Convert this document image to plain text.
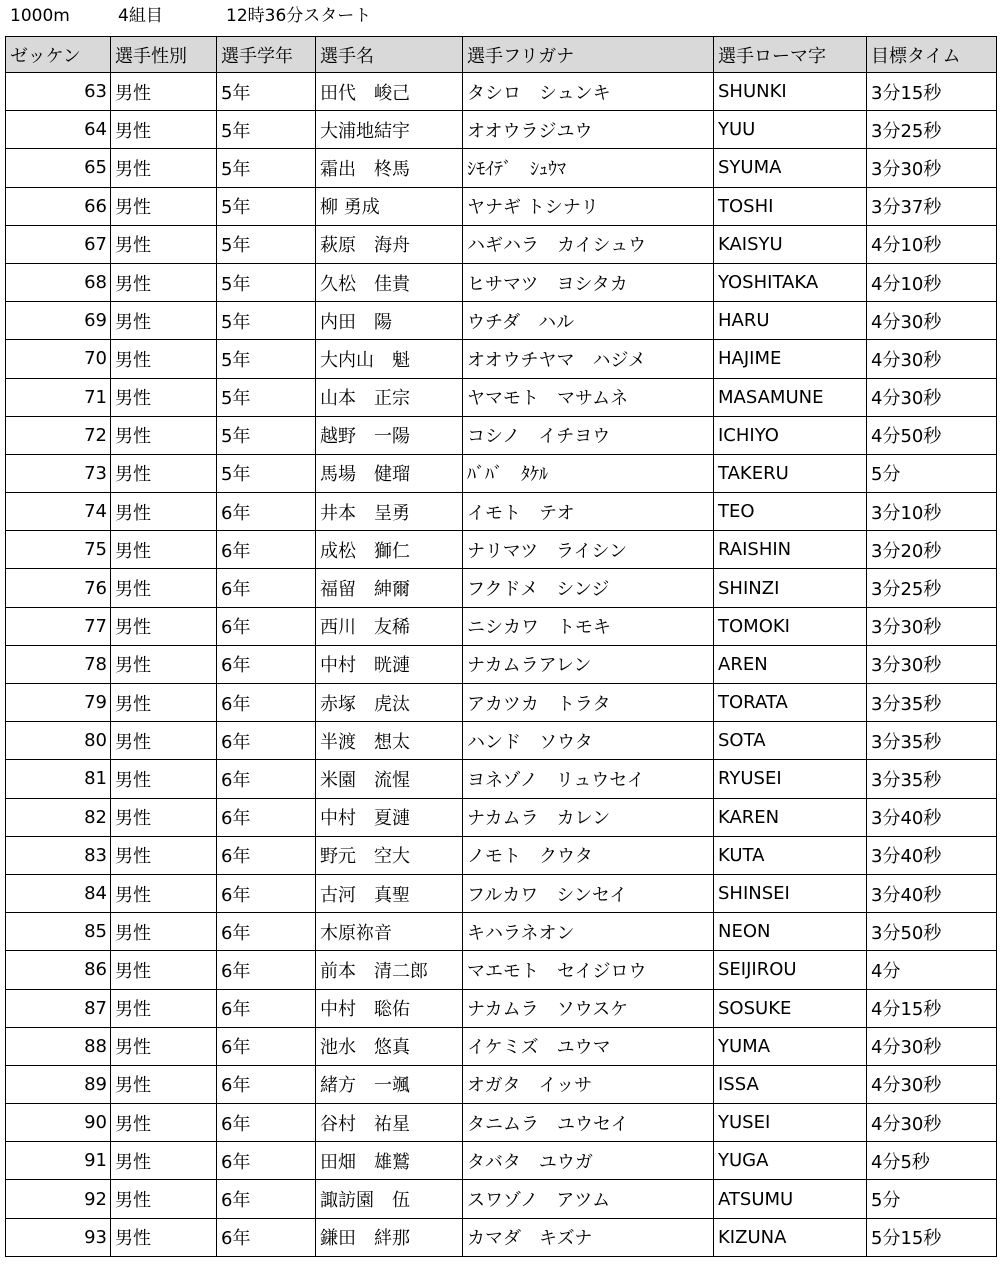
1000m	4組目	12時36分スタート
ゼッケン	選手性別	選手学年	選手名	選手フリガナ	選手ローマ字	目標タイム
63	男性	5年	田代　峻己	タシロ　シュンキ	SHUNKI	3分15秒
64	男性	5年	大浦地結宇	オオウラジユウ	YUU	3分25秒
65	男性	5年	霜出　柊馬	ｼﾓｲﾃﾞ　ｼｭｳﾏ	SYUMA	3分30秒
66	男性	5年	柳 勇成	ヤナギ トシナリ	TOSHI	3分37秒
67	男性	5年	萩原　海舟	ハギハラ　カイシュウ	KAISYU	4分10秒
68	男性	5年	久松　佳貴	ヒサマツ　ヨシタカ	YOSHITAKA	4分10秒
69	男性	5年	内田　陽	ウチダ　ハル	HARU	4分30秒
70	男性	5年	大内山　魁	オオウチヤマ　ハジメ	HAJIME	4分30秒
71	男性	5年	山本　正宗	ヤマモト　マサムネ	MASAMUNE	4分30秒
72	男性	5年	越野　一陽	コシノ　イチヨウ	ICHIYO	4分50秒
73	男性	5年	馬場　健瑠	ﾊﾞﾊﾞ　ﾀｹﾙ	TAKERU	5分
74	男性	6年	井本　呈勇	イモト　テオ	TEO	3分10秒
75	男性	6年	成松　獅仁	ナリマツ　ライシン	RAISHIN	3分20秒
76	男性	6年	福留　紳爾	フクドメ　シンジ	SHINZI	3分25秒
77	男性	6年	西川　友稀	ニシカワ　トモキ	TOMOKI	3分30秒
78	男性	6年	中村　晄漣	ナカムラアレン	AREN	3分30秒
79	男性	6年	赤塚　虎汰	アカツカ　トラタ	TORATA	3分35秒
80	男性	6年	半渡　想太	ハンド　ソウタ	SOTA	3分35秒
81	男性	6年	米園　流惺	ヨネゾノ　リュウセイ	RYUSEI	3分35秒
82	男性	6年	中村　夏漣	ナカムラ　カレン	KAREN	3分40秒
83	男性	6年	野元　空大	ノモト　クウタ	KUTA	3分40秒
84	男性	6年	古河　真聖	フルカワ　シンセイ	SHINSEI	3分40秒
85	男性	6年	木原祢音	キハラネオン	NEON	3分50秒
86	男性	6年	前本　清二郎	マエモト　セイジロウ	SEIJIROU	4分
87	男性	6年	中村　聡佑	ナカムラ　ソウスケ	SOSUKE	4分15秒
88	男性	6年	池水　悠真	イケミズ　ユウマ	YUMA	4分30秒
89	男性	6年	緒方　一颯	オガタ　イッサ	ISSA	4分30秒
90	男性	6年	谷村　祐星	タニムラ　ユウセイ	YUSEI	4分30秒
91	男性	6年	田畑　雄鷲	タバタ　ユウガ	YUGA	4分5秒
92	男性	6年	諏訪園　伍	スワゾノ　アツム	ATSUMU	5分
93	男性	6年	鎌田　絆那	カマダ　キズナ	KIZUNA	5分15秒
